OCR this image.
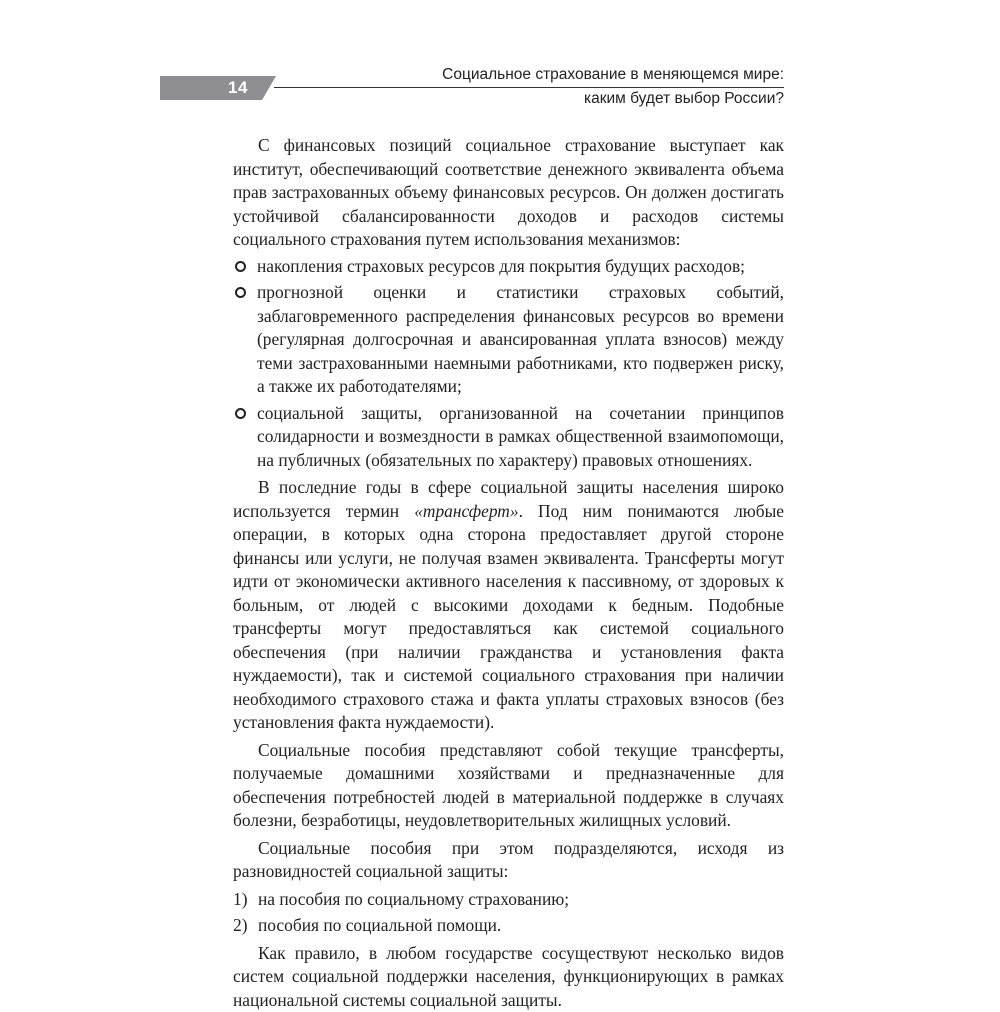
14
Социальное страхование в меняющемся мире:
каким будет выбор России?

С финансовых позиций социальное страхование выступает как институт, обеспечивающий соответствие денежного эквивалента объема прав застрахованных объему финансовых ресурсов. Он должен достигать устойчивой сбалансированности доходов и расходов системы социального страхования путем использования механизмов:

накопления страховых ресурсов для покрытия будущих расходов;
прогнозной оценки и статистики страховых событий, заблаговременного распределения финансовых ресурсов во времени (регулярная долгосрочная и авансированная уплата взносов) между теми застрахованными наемными работниками, кто подвержен риску, а также их работодателями;
социальной защиты, организованной на сочетании принципов солидарности и возмездности в рамках общественной взаимопомощи, на публичных (обязательных по характеру) правовых отношениях.

В последние годы в сфере социальной защиты населения широко используется термин «трансферт». Под ним понимаются любые операции, в которых одна сторона предоставляет другой стороне финансы или услуги, не получая взамен эквивалента. Трансферты могут идти от экономически активного населения к пассивному, от здоровых к больным, от людей с высокими доходами к бедным. Подобные трансферты могут предоставляться как системой социального обеспечения (при наличии гражданства и установления факта нуждаемости), так и системой социального страхования при наличии необходимого страхового стажа и факта уплаты страховых взносов (без установления факта нуждаемости).

Социальные пособия представляют собой текущие трансферты, получаемые домашними хозяйствами и предназначенные для обеспечения потребностей людей в материальной поддержке в случаях болезни, безработицы, неудовлетворительных жилищных условий.

Социальные пособия при этом подразделяются, исходя из разновидностей социальной защиты:

1) на пособия по социальному страхованию;
2) пособия по социальной помощи.

Как правило, в любом государстве сосуществуют несколько видов систем социальной поддержки населения, функционирующих в рамках национальной системы социальной защиты.
